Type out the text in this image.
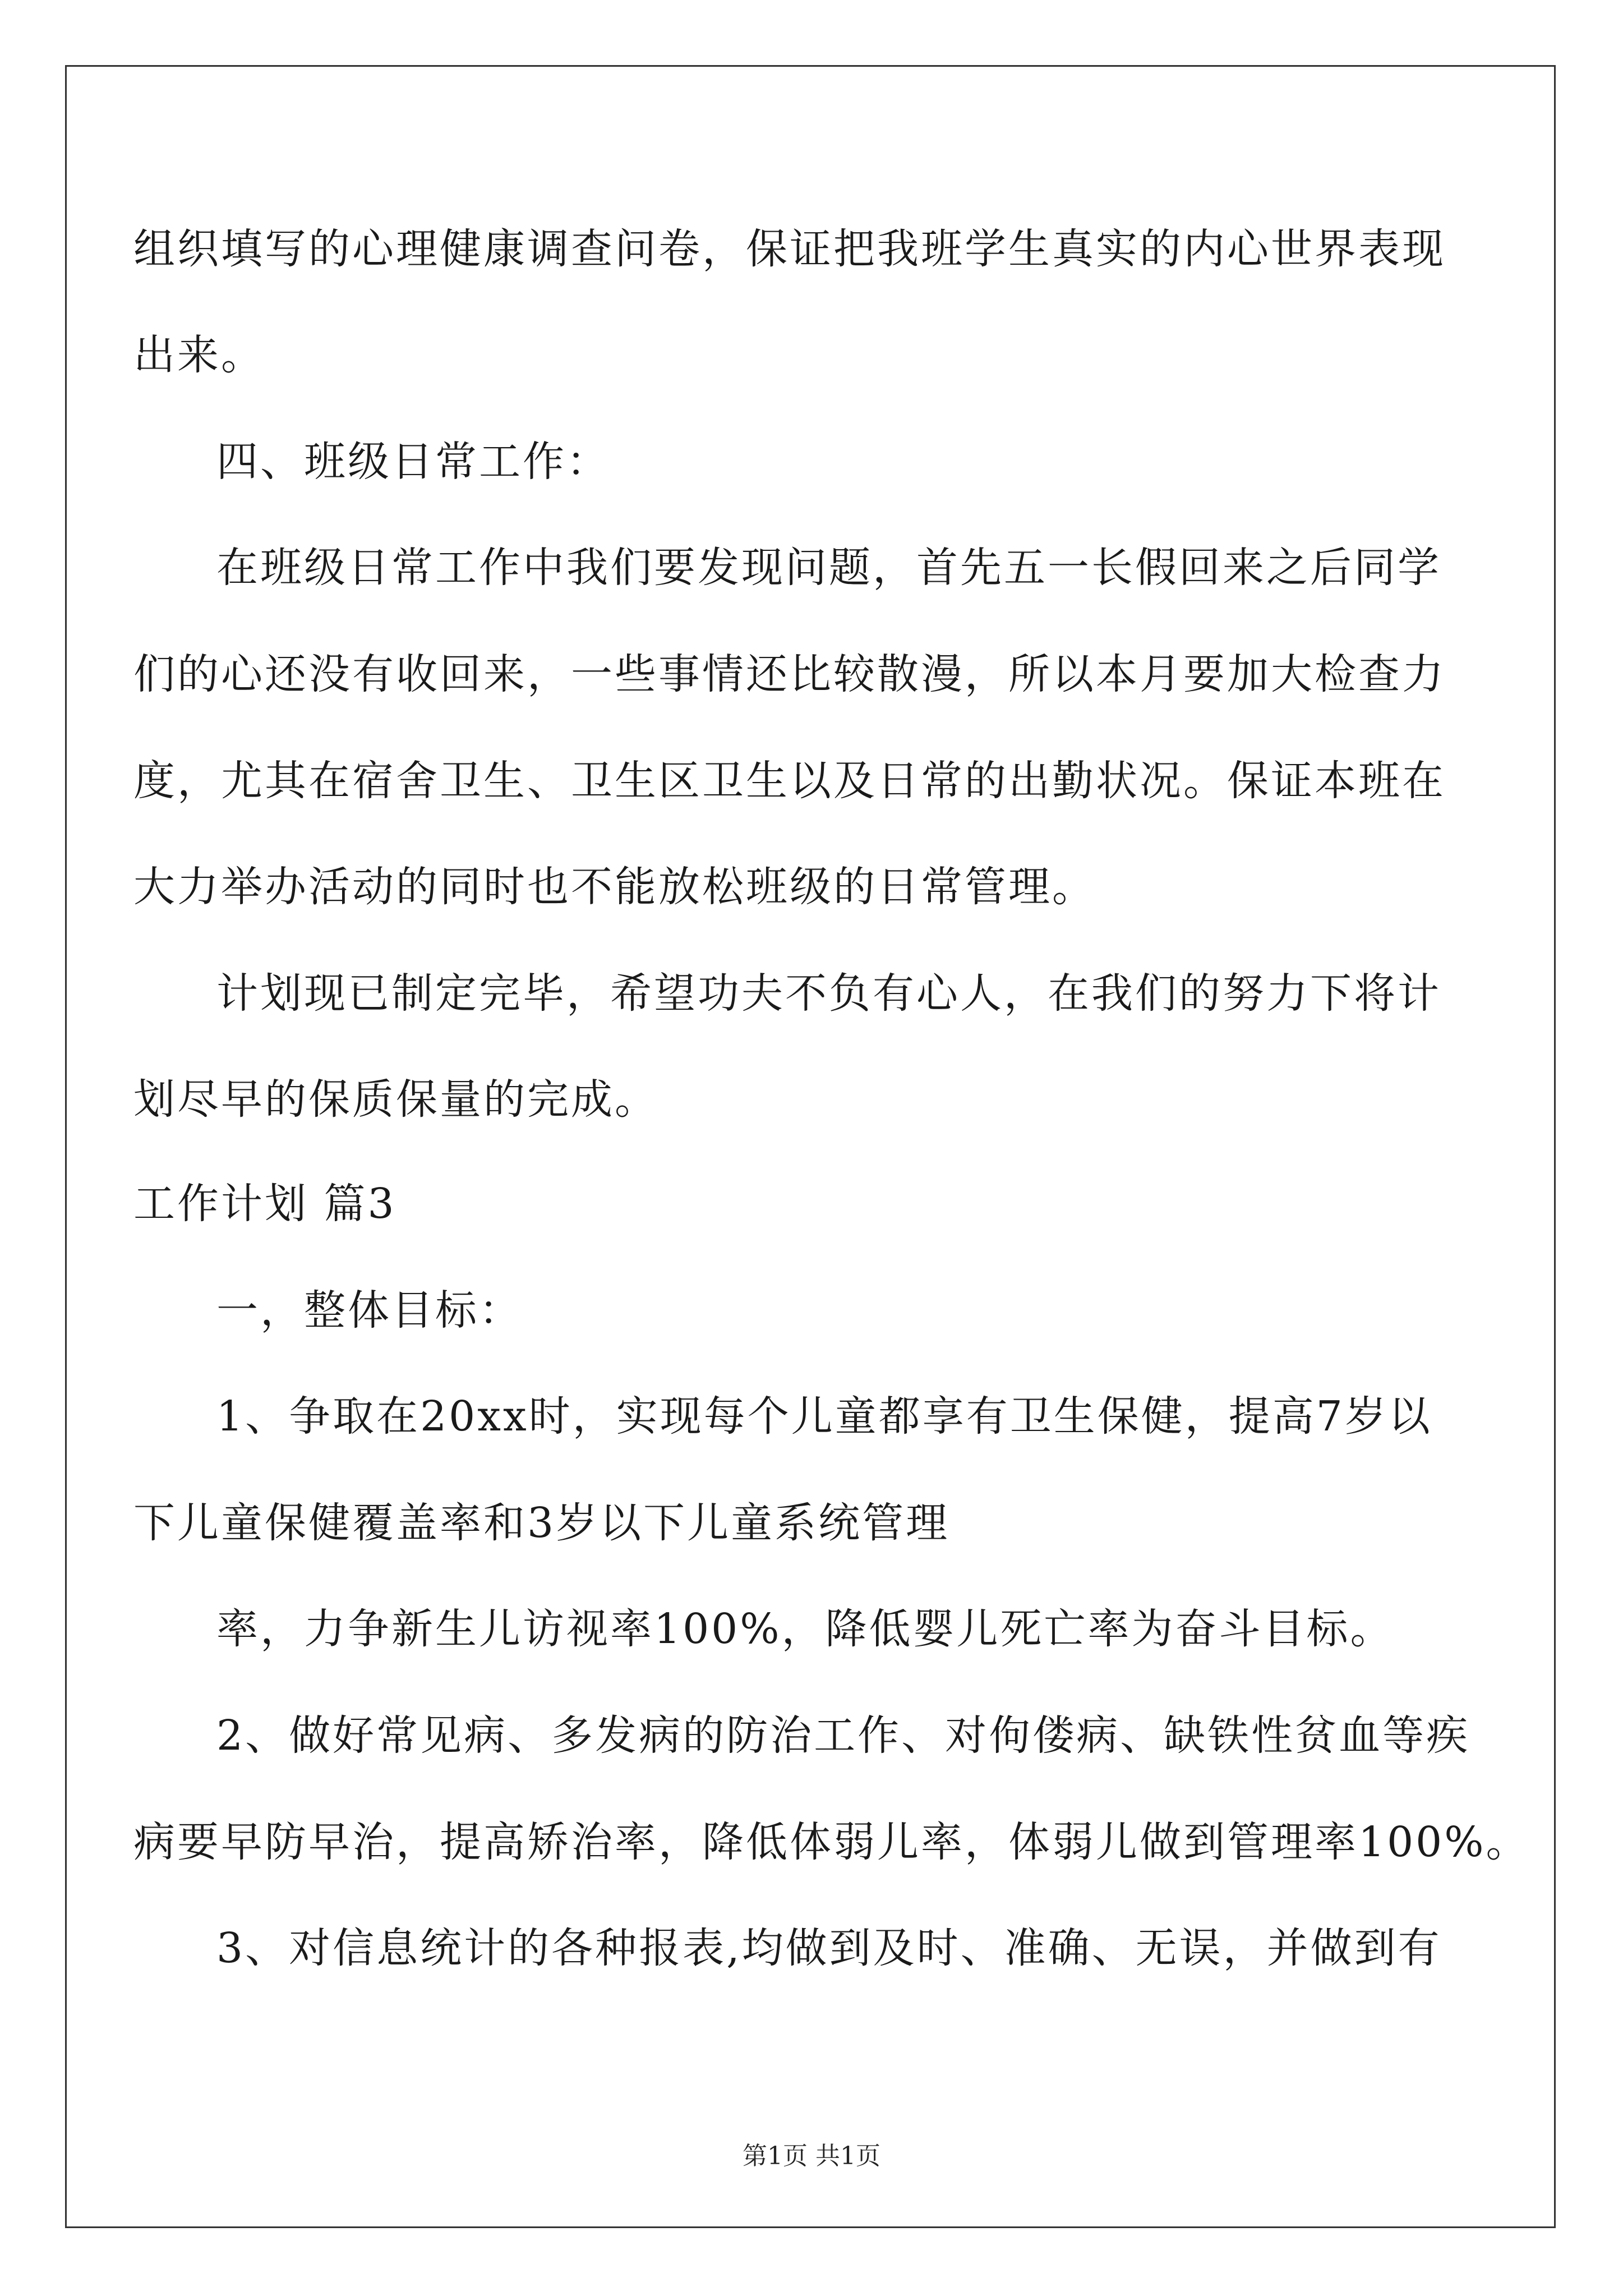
组织填写的心理健康调查问卷，保证把我班学生真实的内心世界表现
出来。
四、班级日常工作：
在班级日常工作中我们要发现问题，首先五一长假回来之后同学
们的心还没有收回来，一些事情还比较散漫，所以本月要加大检查力
度，尤其在宿舍卫生、卫生区卫生以及日常的出勤状况。保证本班在
大力举办活动的同时也不能放松班级的日常管理。
计划现已制定完毕，希望功夫不负有心人，在我们的努力下将计
划尽早的保质保量的完成。
工作计划 篇3
一，整体目标：
1、争取在20xx时，实现每个儿童都享有卫生保健，提高7岁以
下儿童保健覆盖率和3岁以下儿童系统管理
率，力争新生儿访视率100%，降低婴儿死亡率为奋斗目标。
2、做好常见病、多发病的防治工作、对佝偻病、缺铁性贫血等疾
病要早防早治，提高矫治率，降低体弱儿率，体弱儿做到管理率100%。
3、对信息统计的各种报表,均做到及时、准确、无误，并做到有
第1页 共1页
